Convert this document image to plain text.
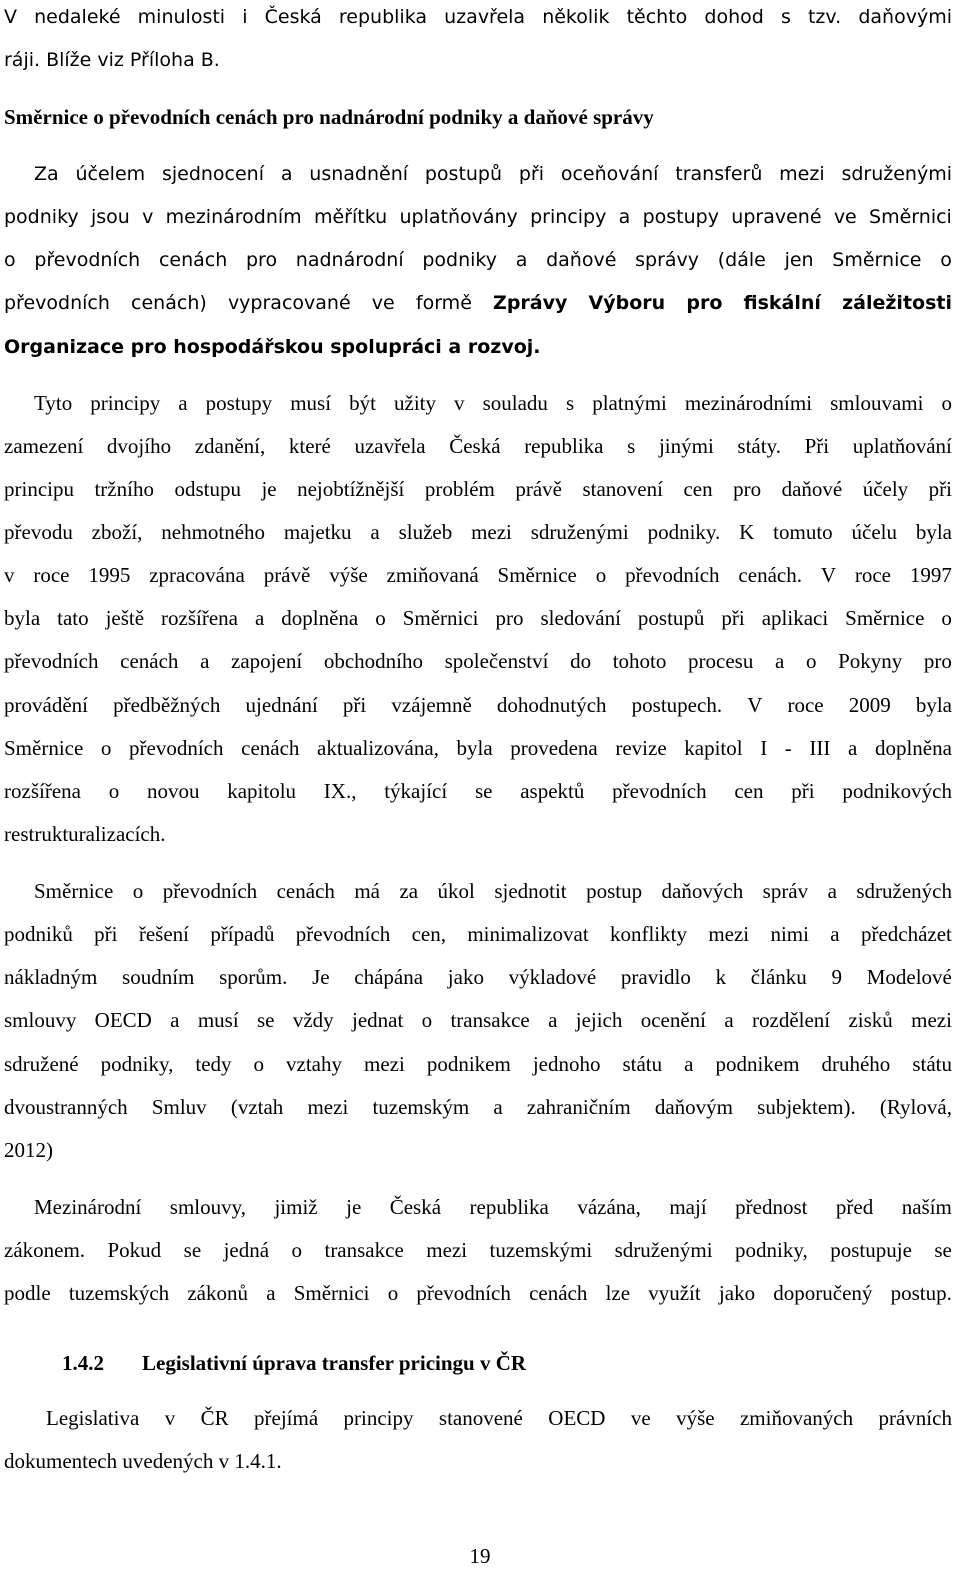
V nedaleké minulosti i Česká republika uzavřela několik těchto dohod s tzv. daňovými
ráji. Blíže viz Příloha B.
Směrnice o převodních cenách pro nadnárodní podniky a daňové správy
Za účelem sjednocení a usnadnění postupů při oceňování transferů mezi sdruženými
podniky jsou v mezinárodním měřítku uplatňovány principy a postupy upravené ve Směrnici
o převodních cenách pro nadnárodní podniky a daňové správy (dále jen Směrnice o
převodních cenách) vypracované ve formě Zprávy Výboru pro fiskální záležitosti
Organizace pro hospodářskou spolupráci a rozvoj.
Tyto principy a postupy musí být užity v souladu s platnými mezinárodními smlouvami o
zamezení dvojího zdanění, které uzavřela Česká republika s jinými státy. Při uplatňování
principu tržního odstupu je nejobtížnější problém právě stanovení cen pro daňové účely při
převodu zboží, nehmotného majetku a služeb mezi sdruženými podniky. K tomuto účelu byla
v roce 1995 zpracována právě výše zmiňovaná Směrnice o převodních cenách. V roce 1997
byla tato ještě rozšířena a doplněna o Směrnici pro sledování postupů při aplikaci Směrnice o
převodních cenách a zapojení obchodního společenství do tohoto procesu a o Pokyny pro
provádění předběžných ujednání při vzájemně dohodnutých postupech. V roce 2009 byla
Směrnice o převodních cenách aktualizována, byla provedena revize kapitol I - III a doplněna
rozšířena o novou kapitolu IX., týkající se aspektů převodních cen při podnikových
restrukturalizacích.
Směrnice o převodních cenách má za úkol sjednotit postup daňových správ a sdružených
podniků při řešení případů převodních cen, minimalizovat konflikty mezi nimi a předcházet
nákladným soudním sporům. Je chápána jako výkladové pravidlo k článku 9 Modelové
smlouvy OECD a musí se vždy jednat o transakce a jejich ocenění a rozdělení zisků mezi
sdružené podniky, tedy o vztahy mezi podnikem jednoho státu a podnikem druhého státu
dvoustranných Smluv (vztah mezi tuzemským a zahraničním daňovým subjektem). (Rylová,
2012)
Mezinárodní smlouvy, jimiž je Česká republika vázána, mají přednost před naším
zákonem. Pokud se jedná o transakce mezi tuzemskými sdruženými podniky, postupuje se
podle tuzemských zákonů a Směrnici o převodních cenách lze využít jako doporučený postup.
1.4.2 Legislativní úprava transfer pricingu v ČR
Legislativa v ČR přejímá principy stanovené OECD ve výše zmiňovaných právních
dokumentech uvedených v 1.4.1.
19
